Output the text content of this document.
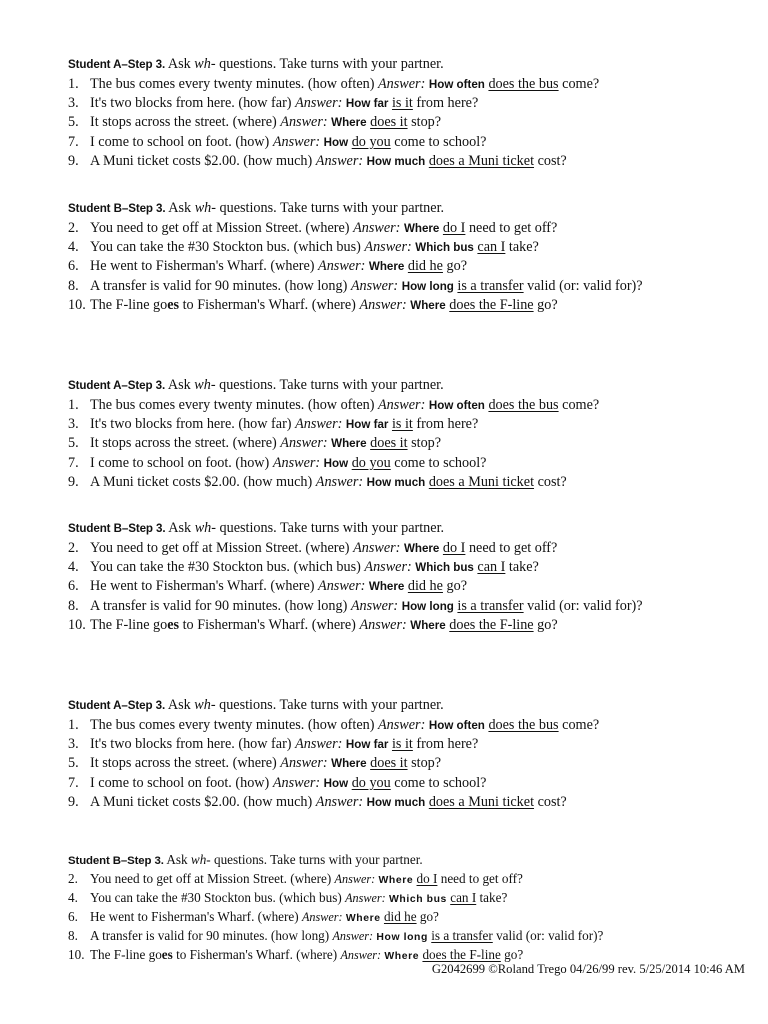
Student A–Step 3. Ask wh- questions. Take turns with your partner.
1. The bus comes every twenty minutes. (how often) Answer: How often does the bus come?
3. It's two blocks from here. (how far) Answer: How far is it from here?
5. It stops across the street. (where) Answer: Where does it stop?
7. I come to school on foot. (how) Answer: How do you come to school?
9. A Muni ticket costs $2.00. (how much) Answer: How much does a Muni ticket cost?
Student B–Step 3. Ask wh- questions. Take turns with your partner.
2. You need to get off at Mission Street. (where) Answer: Where do I need to get off?
4. You can take the #30 Stockton bus. (which bus) Answer: Which bus can I take?
6. He went to Fisherman's Wharf. (where) Answer: Where did he go?
8. A transfer is valid for 90 minutes. (how long) Answer: How long is a transfer valid (or: valid for)?
10. The F-line goes to Fisherman's Wharf. (where) Answer: Where does the F-line go?
Student A–Step 3. Ask wh- questions. Take turns with your partner.
1. The bus comes every twenty minutes. (how often) Answer: How often does the bus come?
3. It's two blocks from here. (how far) Answer: How far is it from here?
5. It stops across the street. (where) Answer: Where does it stop?
7. I come to school on foot. (how) Answer: How do you come to school?
9. A Muni ticket costs $2.00. (how much) Answer: How much does a Muni ticket cost?
Student B–Step 3. Ask wh- questions. Take turns with your partner.
2. You need to get off at Mission Street. (where) Answer: Where do I need to get off?
4. You can take the #30 Stockton bus. (which bus) Answer: Which bus can I take?
6. He went to Fisherman's Wharf. (where) Answer: Where did he go?
8. A transfer is valid for 90 minutes. (how long) Answer: How long is a transfer valid (or: valid for)?
10. The F-line goes to Fisherman's Wharf. (where) Answer: Where does the F-line go?
Student A–Step 3. Ask wh- questions. Take turns with your partner.
1. The bus comes every twenty minutes. (how often) Answer: How often does the bus come?
3. It's two blocks from here. (how far) Answer: How far is it from here?
5. It stops across the street. (where) Answer: Where does it stop?
7. I come to school on foot. (how) Answer: How do you come to school?
9. A Muni ticket costs $2.00. (how much) Answer: How much does a Muni ticket cost?
Student B–Step 3. Ask wh- questions. Take turns with your partner.
2. You need to get off at Mission Street. (where) Answer: Where do I need to get off?
4. You can take the #30 Stockton bus. (which bus) Answer: Which bus can I take?
6. He went to Fisherman's Wharf. (where) Answer: Where did he go?
8. A transfer is valid for 90 minutes. (how long) Answer: How long is a transfer valid (or: valid for)?
10. The F-line goes to Fisherman's Wharf. (where) Answer: Where does the F-line go?
G2042699 ©Roland Trego 04/26/99 rev. 5/25/2014 10:46 AM
